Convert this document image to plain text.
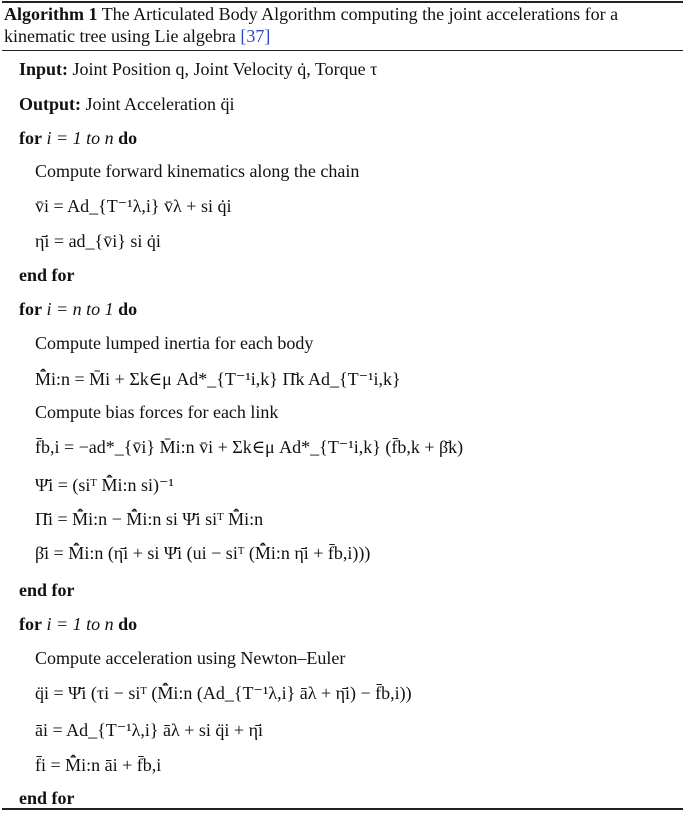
Algorithm 1 The Articulated Body Algorithm computing the joint accelerations for a kinematic tree using Lie algebra [37]
Input: Joint Position q, Joint Velocity q̇, Torque τ
Output: Joint Acceleration q̈i
for i = 1 to n do
Compute forward kinematics along the chain
v̄i = Ad_{T⁻¹λ,i} v̄λ + si q̇i
η̄i = ad_{v̄i} si q̇i
end for
for i = n to 1 do
Compute lumped inertia for each body
M̂̄i:n = M̄i + Σk∈μ Ad*_{T⁻¹i,k} Π̄k Ad_{T⁻¹i,k}
Compute bias forces for each link
f̄b,i = −ad*_{v̄i} M̄i:n v̄i + Σk∈μ Ad*_{T⁻¹i,k} (f̄b,k + β̄k)
Ψ̄i = (siᵀ M̂̄i:n si)⁻¹
Π̄i = M̂̄i:n − M̂̄i:n si Ψ̄i siᵀ M̂̄i:n
β̄i = M̂̄i:n (η̄i + si Ψ̄i (ui − siᵀ (M̂̄i:n η̄i + f̄b,i)))
end for
for i = 1 to n do
Compute acceleration using Newton–Euler
q̈i = Ψ̄i (τi − siᵀ (M̂̄i:n (Ad_{T⁻¹λ,i} āλ + η̄i) − f̄b,i))
āi = Ad_{T⁻¹λ,i} āλ + si q̈i + η̄i
f̄i = M̂̄i:n āi + f̄b,i
end for
